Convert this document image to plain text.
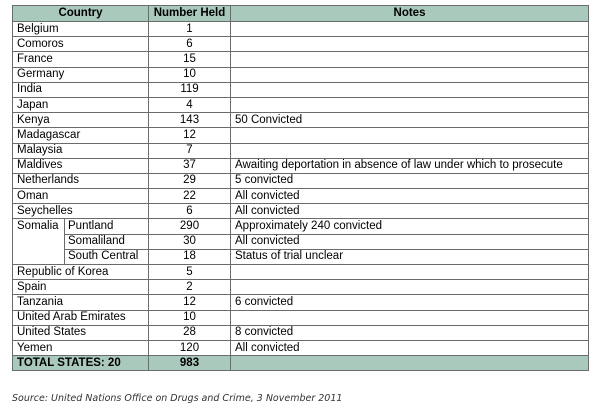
Country		Number Held	Notes
Belgium		1	
Comoros		6	
France		15	
Germany		10	
India		119	
Japan		4	
Kenya		143	50 Convicted
Madagascar		12	
Malaysia		7	
Maldives		37	Awaiting deportation in absence of law under which to prosecute
Netherlands		29	5 convicted
Oman		22	All convicted
Seychelles		6	All convicted
Somalia	Puntland	290	Approximately 240 convicted
	Somaliland	30	All convicted
	South Central	18	Status of trial unclear
Republic of Korea		5	
Spain		2	
Tanzania		12	6 convicted
United Arab Emirates		10	
United States		28	8 convicted
Yemen		120	All convicted
TOTAL STATES: 20		983	
Source: United Nations Office on Drugs and Crime, 3 November 2011
